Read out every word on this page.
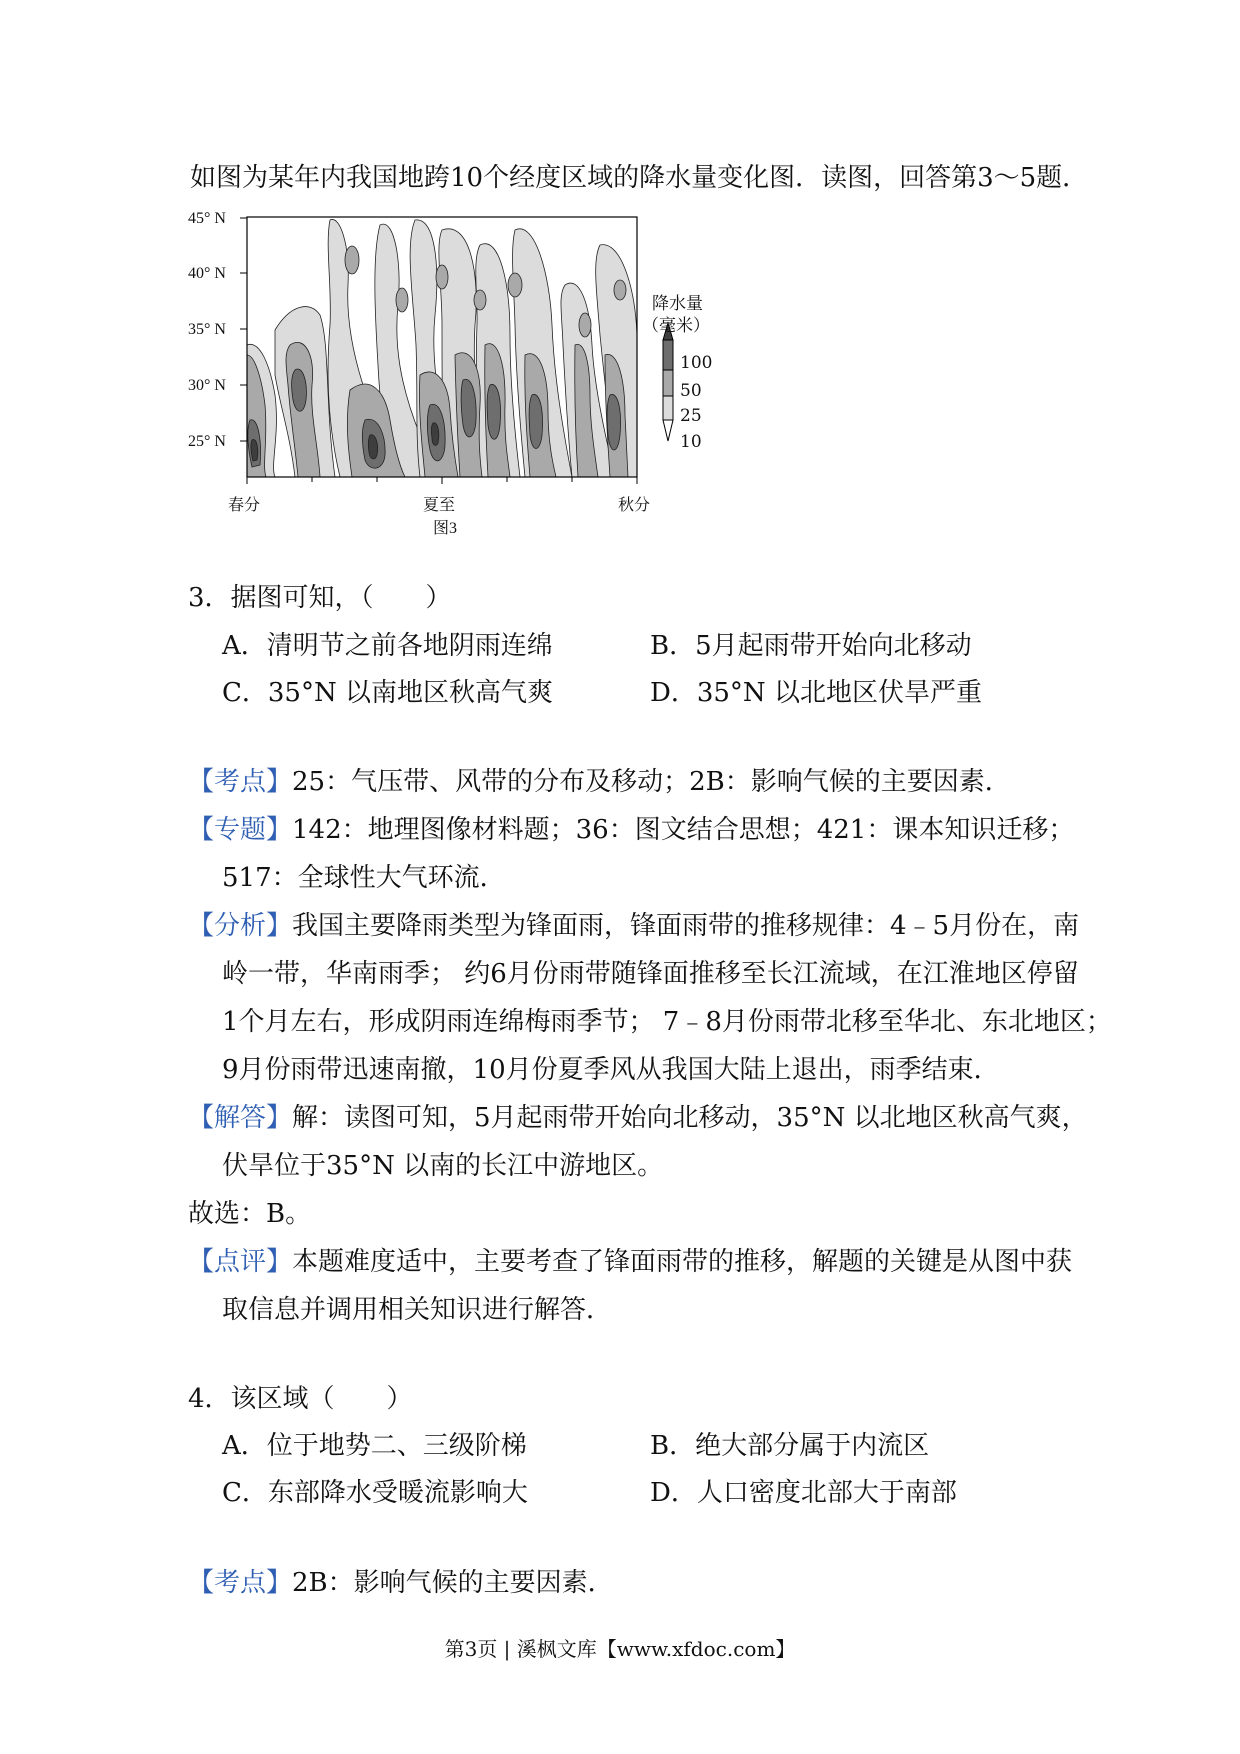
如图为某年内我国地跨10个经度区域的降水量变化图．读图，回答第3～5题．
45° N
40° N
35° N
30° N
25° N
春分	夏至	秋分
图3
降水量
（毫米）
100
50
25
10
3．据图可知，（　　）
A．清明节之前各地阴雨连绵	B．5月起雨带开始向北移动
C．35°N 以南地区秋高气爽	D．35°N 以北地区伏旱严重
【考点】25：气压带、风带的分布及移动；2B：影响气候的主要因素．
【专题】142：地理图像材料题；36：图文结合思想；421：课本知识迁移；
517：全球性大气环流．
【分析】我国主要降雨类型为锋面雨，锋面雨带的推移规律：4﹣5月份在，南
岭一带，华南雨季； 约6月份雨带随锋面推移至长江流域，在江淮地区停留
1个月左右，形成阴雨连绵梅雨季节； 7﹣8月份雨带北移至华北、东北地区；
9月份雨带迅速南撤，10月份夏季风从我国大陆上退出，雨季结束．
【解答】解：读图可知，5月起雨带开始向北移动，35°N 以北地区秋高气爽，
伏旱位于35°N 以南的长江中游地区。
故选：B。
【点评】本题难度适中，主要考查了锋面雨带的推移，解题的关键是从图中获
取信息并调用相关知识进行解答．
4．该区域（　　）
A．位于地势二、三级阶梯	B．绝大部分属于内流区
C．东部降水受暖流影响大	D．人口密度北部大于南部
【考点】2B：影响气候的主要因素．
第3页 | 溪枫文库【www.xfdoc.com】
